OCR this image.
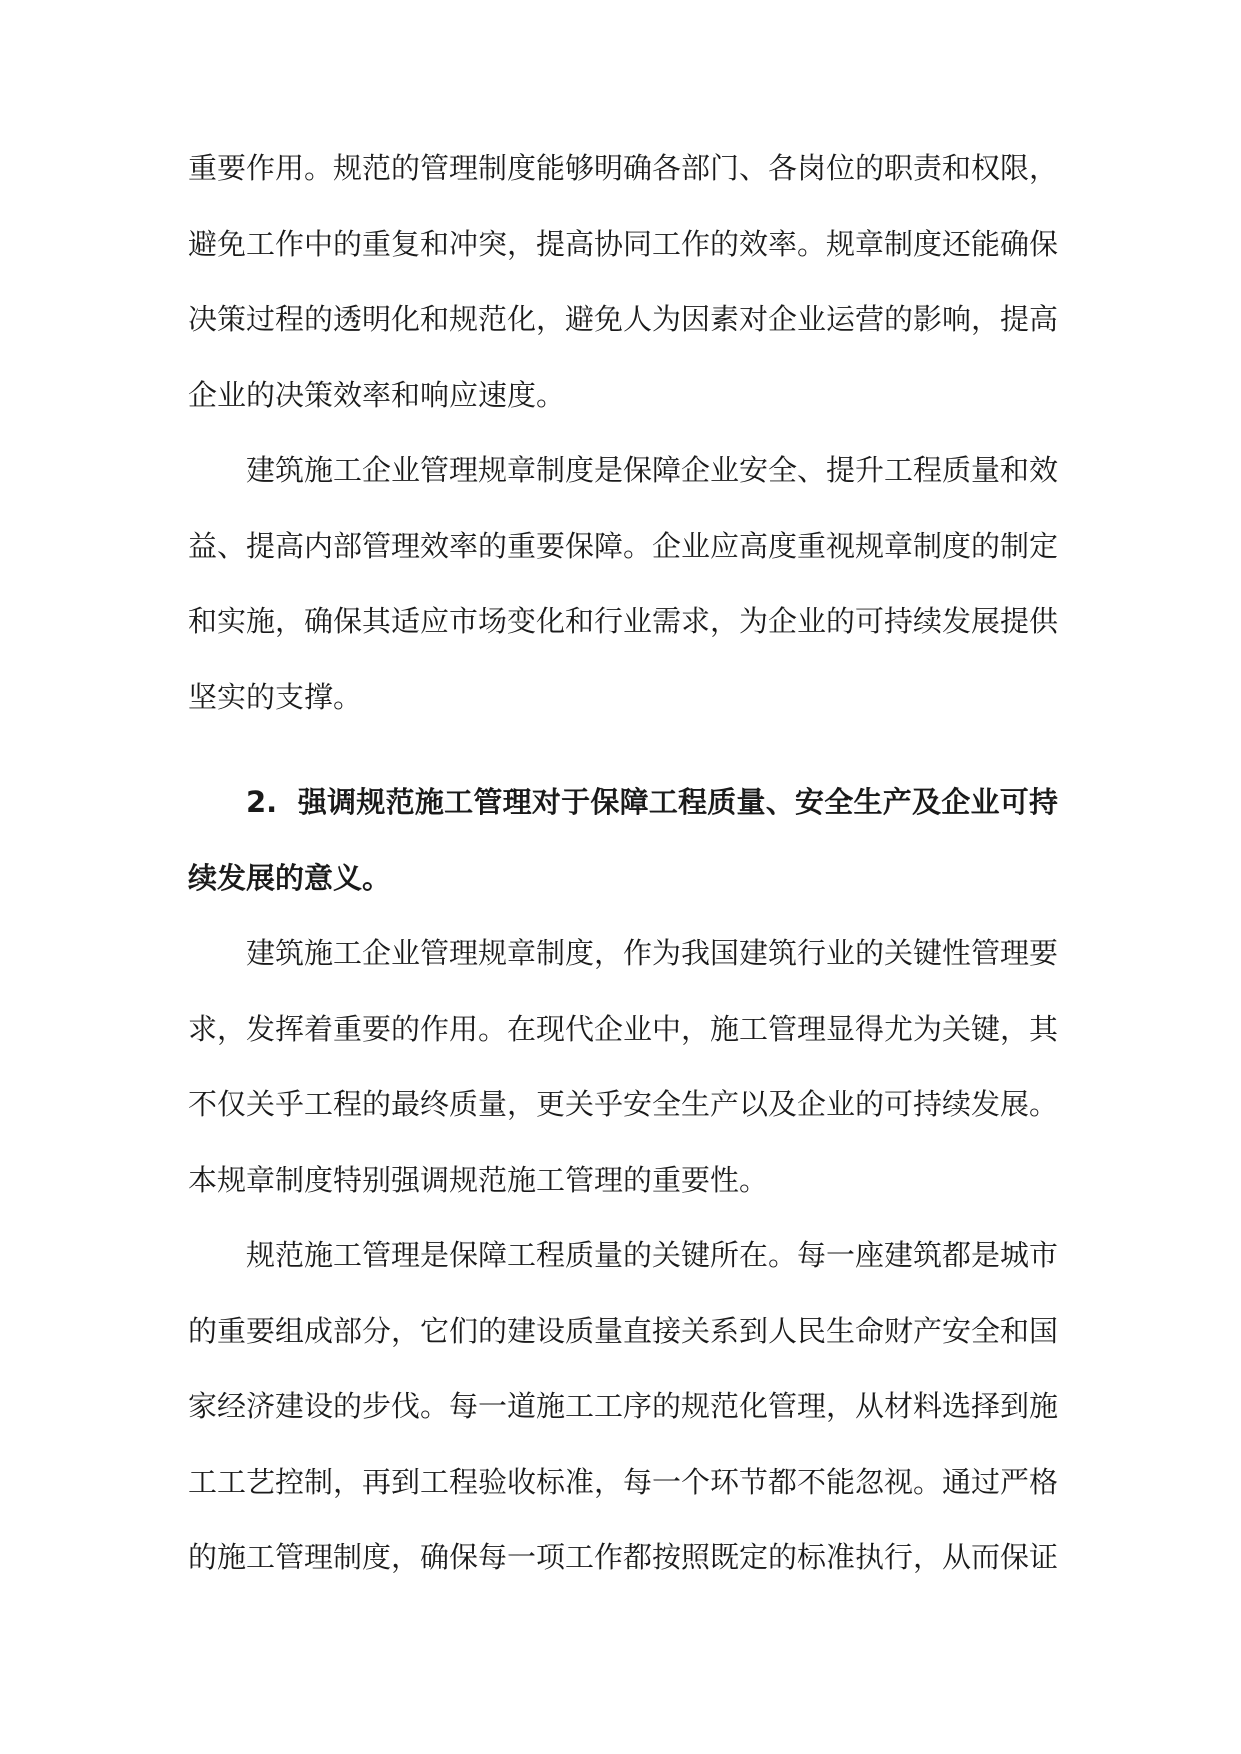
重要作用。规范的管理制度能够明确各部门、各岗位的职责和权限，避免工作中的重复和冲突，提高协同工作的效率。规章制度还能确保决策过程的透明化和规范化，避免人为因素对企业运营的影响，提高企业的决策效率和响应速度。

建筑施工企业管理规章制度是保障企业安全、提升工程质量和效益、提高内部管理效率的重要保障。企业应高度重视规章制度的制定和实施，确保其适应市场变化和行业需求，为企业的可持续发展提供坚实的支撑。

2. 强调规范施工管理对于保障工程质量、安全生产及企业可持续发展的意义。

建筑施工企业管理规章制度，作为我国建筑行业的关键性管理要求，发挥着重要的作用。在现代企业中，施工管理显得尤为关键，其不仅关乎工程的最终质量，更关乎安全生产以及企业的可持续发展。本规章制度特别强调规范施工管理的重要性。

规范施工管理是保障工程质量的关键所在。每一座建筑都是城市的重要组成部分，它们的建设质量直接关系到人民生命财产安全和国家经济建设的步伐。每一道施工工序的规范化管理，从材料选择到施工工艺控制，再到工程验收标准，每一个环节都不能忽视。通过严格的施工管理制度，确保每一项工作都按照既定的标准执行，从而保证
